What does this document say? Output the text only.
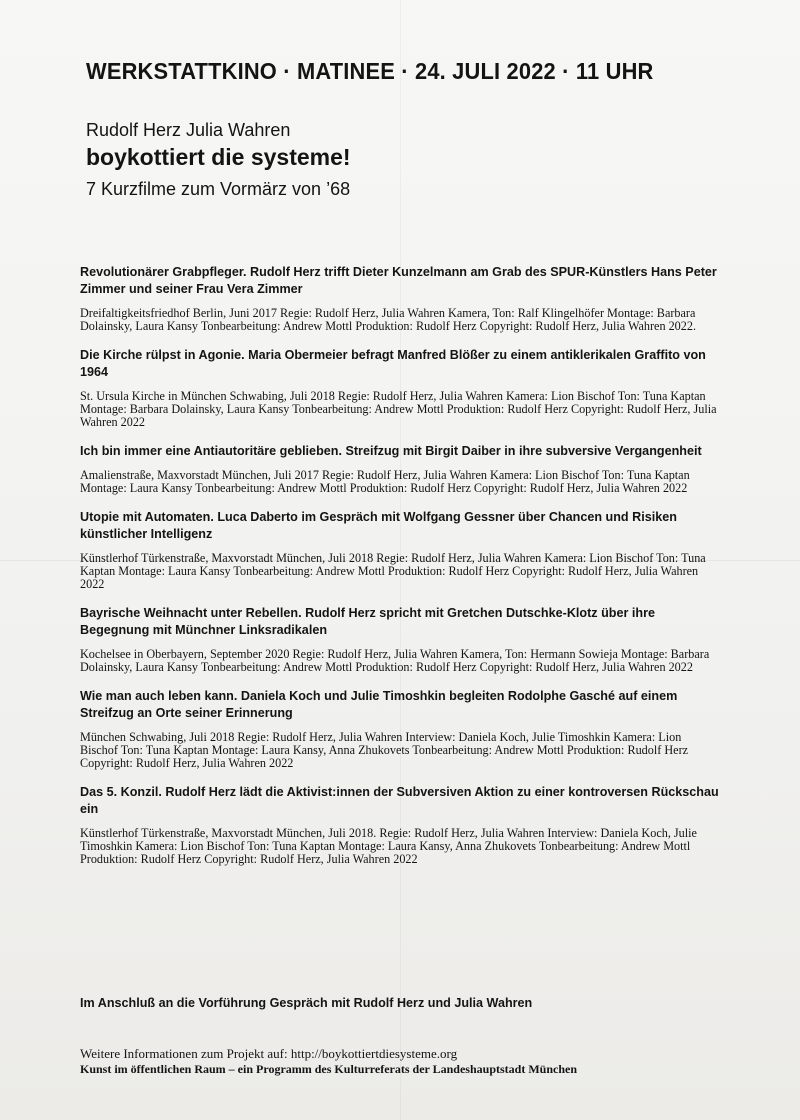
WERKSTATTKINO · MATINEE · 24. JULI 2022 · 11 UHR
Rudolf Herz Julia Wahren
boykottiert die systeme!
7 Kurzfilme zum Vormärz von ’68
Revolutionärer Grabpfleger. Rudolf Herz trifft Dieter Kunzelmann am Grab des SPUR-Künstlers Hans Peter Zimmer und seiner Frau Vera Zimmer

Dreifaltigkeitsfriedhof Berlin, Juni 2017 Regie: Rudolf Herz, Julia Wahren Kamera, Ton: Ralf Klingelhöfer Montage: Barbara Dolainsky, Laura Kansy Tonbearbeitung: Andrew Mottl Produktion: Rudolf Herz Copyright: Rudolf Herz, Julia Wahren 2022.

Die Kirche rülpst in Agonie. Maria Obermeier befragt Manfred Blößer zu einem antiklerikalen Graffito von 1964

St. Ursula Kirche in München Schwabing, Juli 2018 Regie: Rudolf Herz, Julia Wahren Kamera: Lion Bischof Ton: Tuna Kaptan Montage: Barbara Dolainsky, Laura Kansy Tonbearbeitung: Andrew Mottl Produktion: Rudolf Herz Copyright: Rudolf Herz, Julia Wahren 2022

Ich bin immer eine Antiautoritäre geblieben. Streifzug mit Birgit Daiber in ihre subversive Vergangenheit

Amalienstraße, Maxvorstadt München, Juli 2017 Regie: Rudolf Herz, Julia Wahren Kamera: Lion Bischof Ton: Tuna Kaptan Montage: Laura Kansy Tonbearbeitung: Andrew Mottl Produktion: Rudolf Herz Copyright: Rudolf Herz, Julia Wahren 2022

Utopie mit Automaten. Luca Daberto im Gespräch mit Wolfgang Gessner über Chancen und Risiken künstlicher Intelligenz

Künstlerhof Türkenstraße, Maxvorstadt München, Juli 2018 Regie: Rudolf Herz, Julia Wahren Kamera: Lion Bischof Ton: Tuna Kaptan Montage: Laura Kansy Tonbearbeitung: Andrew Mottl Produktion: Rudolf Herz Copyright: Rudolf Herz, Julia Wahren 2022

Bayrische Weihnacht unter Rebellen. Rudolf Herz spricht mit Gretchen Dutschke-Klotz über ihre Begegnung mit Münchner Linksradikalen

Kochelsee in Oberbayern, September 2020 Regie: Rudolf Herz, Julia Wahren Kamera, Ton: Hermann Sowieja Montage: Barbara Dolainsky, Laura Kansy Tonbearbeitung: Andrew Mottl Produktion: Rudolf Herz Copyright: Rudolf Herz, Julia Wahren 2022

Wie man auch leben kann. Daniela Koch und Julie Timoshkin begleiten Rodolphe Gasché auf einem Streifzug an Orte seiner Erinnerung

München Schwabing, Juli 2018 Regie: Rudolf Herz, Julia Wahren Interview: Daniela Koch, Julie Timoshkin Kamera: Lion Bischof Ton: Tuna Kaptan Montage: Laura Kansy, Anna Zhukovets Tonbearbeitung: Andrew Mottl Produktion: Rudolf Herz Copyright: Rudolf Herz, Julia Wahren 2022

Das 5. Konzil. Rudolf Herz lädt die Aktivist:innen der Subversiven Aktion zu einer kontroversen Rückschau ein

Künstlerhof Türkenstraße, Maxvorstadt München, Juli 2018. Regie: Rudolf Herz, Julia Wahren Interview: Daniela Koch, Julie Timoshkin Kamera: Lion Bischof Ton: Tuna Kaptan Montage: Laura Kansy, Anna Zhukovets Tonbearbeitung: Andrew Mottl Produktion: Rudolf Herz Copyright: Rudolf Herz, Julia Wahren 2022

Im Anschluß an die Vorführung Gespräch mit Rudolf Herz und Julia Wahren
Weitere Informationen zum Projekt auf: http://boykottiertdiesysteme.org
Kunst im öffentlichen Raum – ein Programm des Kulturreferats der Landeshauptstadt München
